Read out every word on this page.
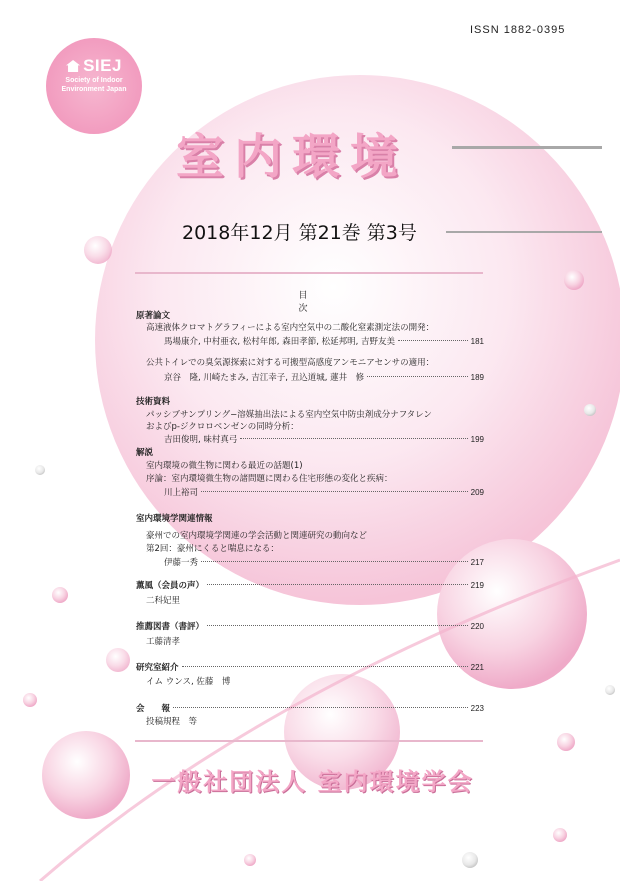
ISSN 1882-0395
SIEJ
Society of Indoor
Environment Japan
室内環境
2018年12月 第21巻 第3号
目　次
原著論文
高速液体クロマトグラフィーによる室内空気中の二酸化窒素測定法の開発：
馬場康介, 中村亜衣, 松村年郎, 森田孝節, 松延邦明, 吉野友美	181
公共トイレでの臭気源探索に対する可搬型高感度アンモニアセンサの適用：
京谷　隆, 川崎たまみ, 吉江幸子, 丑込道城, 蓮井　修	189
技術資料
パッシブサンプリング−溶媒抽出法による室内空気中防虫剤成分ナフタレン
およびp-ジクロロベンゼンの同時分析：
吉田俊明, 味村真弓	199
解説
室内環境の微生物に関わる最近の話題(1)
序論：室内環境微生物の諸問題に関わる住宅形態の変化と疾病：
川上裕司	209
室内環境学関連情報
豪州での室内環境学関連の学会活動と関連研究の動向など
第2回：豪州にくると喘息になる：
伊藤一秀	217
薫風（会員の声）	219
二科妃里
推薦図書（書評）	220
工藤清孝
研究室紹介	221
イム ウンス, 佐藤　博
会　　報	223
投稿規程　等
一般社団法人 室内環境学会
